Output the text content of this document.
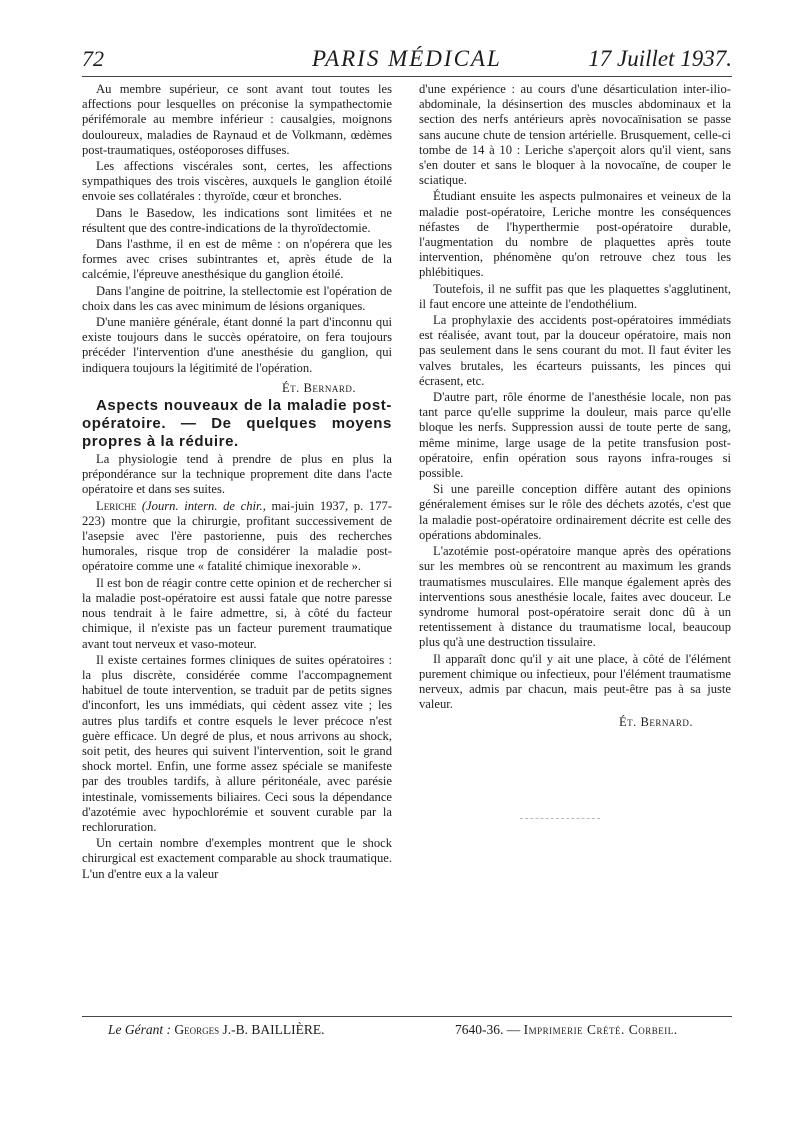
72	PARIS MÉDICAL	17 Juillet 1937.

Au membre supérieur, ce sont avant tout toutes les affections pour lesquelles on préconise la sympathectomie périfémorale au membre inférieur : causalgies, moignons douloureux, maladies de Raynaud et de Volkmann, œdèmes post-traumatiques, ostéoporoses diffuses.

Les affections viscérales sont, certes, les affections sympathiques des trois viscères, auxquels le ganglion étoilé envoie ses collatérales : thyroïde, cœur et bronches.

Dans le Basedow, les indications sont limitées et ne résultent que des contre-indications de la thyroïdectomie.

Dans l'asthme, il en est de même : on n'opérera que les formes avec crises subintrantes et, après étude de la calcémie, l'épreuve anesthésique du ganglion étoilé.

Dans l'angine de poitrine, la stellectomie est l'opération de choix dans les cas avec minimum de lésions organiques.

D'une manière générale, étant donné la part d'inconnu qui existe toujours dans le succès opératoire, on fera toujours précéder l'intervention d'une anesthésie du ganglion, qui indiquera toujours la légitimité de l'opération.

Ét. Bernard.

Aspects nouveaux de la maladie post-opératoire. — De quelques moyens propres à la réduire.

La physiologie tend à prendre de plus en plus la prépondérance sur la technique proprement dite dans l'acte opératoire et dans ses suites.

Leriche (Journ. intern. de chir., mai-juin 1937, p. 177-223) montre que la chirurgie, profitant successivement de l'asepsie avec l'ère pastorienne, puis des recherches humorales, risque trop de considérer la maladie post-opératoire comme une « fatalité chimique inexorable ».

Il est bon de réagir contre cette opinion et de rechercher si la maladie post-opératoire est aussi fatale que notre paresse nous tendrait à le faire admettre, si, à côté du facteur chimique, il n'existe pas un facteur purement traumatique avant tout nerveux et vaso-moteur.

Il existe certaines formes cliniques de suites opératoires : la plus discrète, considérée comme l'accompagnement habituel de toute intervention, se traduit par de petits signes d'inconfort, les uns immédiats, qui cèdent assez vite ; les autres plus tardifs et contre esquels le lever précoce n'est guère efficace. Un degré de plus, et nous arrivons au shock, soit petit, des heures qui suivent l'intervention, soit le grand shock mortel. Enfin, une forme assez spéciale se manifeste par des troubles tardifs, à allure péritonéale, avec parésie intestinale, vomissements biliaires. Ceci sous la dépendance d'azotémie avec hypochlorémie et souvent curable par la rechloruration.

Un certain nombre d'exemples montrent que le shock chirurgical est exactement comparable au shock traumatique. L'un d'entre eux a la valeur

d'une expérience : au cours d'une désarticulation inter-ilio-abdominale, la désinsertion des muscles abdominaux et la section des nerfs antérieurs après novocaïnisation se passe sans aucune chute de tension artérielle. Brusquement, celle-ci tombe de 14 à 10 : Leriche s'aperçoit alors qu'il vient, sans s'en douter et sans le bloquer à la novocaïne, de couper le sciatique.

Étudiant ensuite les aspects pulmonaires et veineux de la maladie post-opératoire, Leriche montre les conséquences néfastes de l'hyperthermie post-opératoire durable, l'augmentation du nombre de plaquettes après toute intervention, phénomène qu'on retrouve chez tous les phlébitiques.

Toutefois, il ne suffit pas que les plaquettes s'agglutinent, il faut encore une atteinte de l'endothélium.

La prophylaxie des accidents post-opératoires immédiats est réalisée, avant tout, par la douceur opératoire, mais non pas seulement dans le sens courant du mot. Il faut éviter les valves brutales, les écarteurs puissants, les pinces qui écrasent, etc.

D'autre part, rôle énorme de l'anesthésie locale, non pas tant parce qu'elle supprime la douleur, mais parce qu'elle bloque les nerfs. Suppression aussi de toute perte de sang, même minime, large usage de la petite transfusion post-opératoire, enfin opération sous rayons infra-rouges si possible.

Si une pareille conception diffère autant des opinions généralement émises sur le rôle des déchets azotés, c'est que la maladie post-opératoire ordinairement décrite est celle des opérations abdominales.

L'azotémie post-opératoire manque après des opérations sur les membres où se rencontrent au maximum les grands traumatismes musculaires. Elle manque également après des interventions sous anesthésie locale, faites avec douceur. Le syndrome humoral post-opératoire serait donc dû à un retentissement à distance du traumatisme local, beaucoup plus qu'à une destruction tissulaire.

Il apparaît donc qu'il y ait une place, à côté de l'élément purement chimique ou infectieux, pour l'élément traumatisme nerveux, admis par chacun, mais peut-être pas à sa juste valeur.

Ét. Bernard.

Le Gérant : Georges J.-B. BAILLIÈRE.	7640-36. — Imprimerie Crété. Corbeil.
